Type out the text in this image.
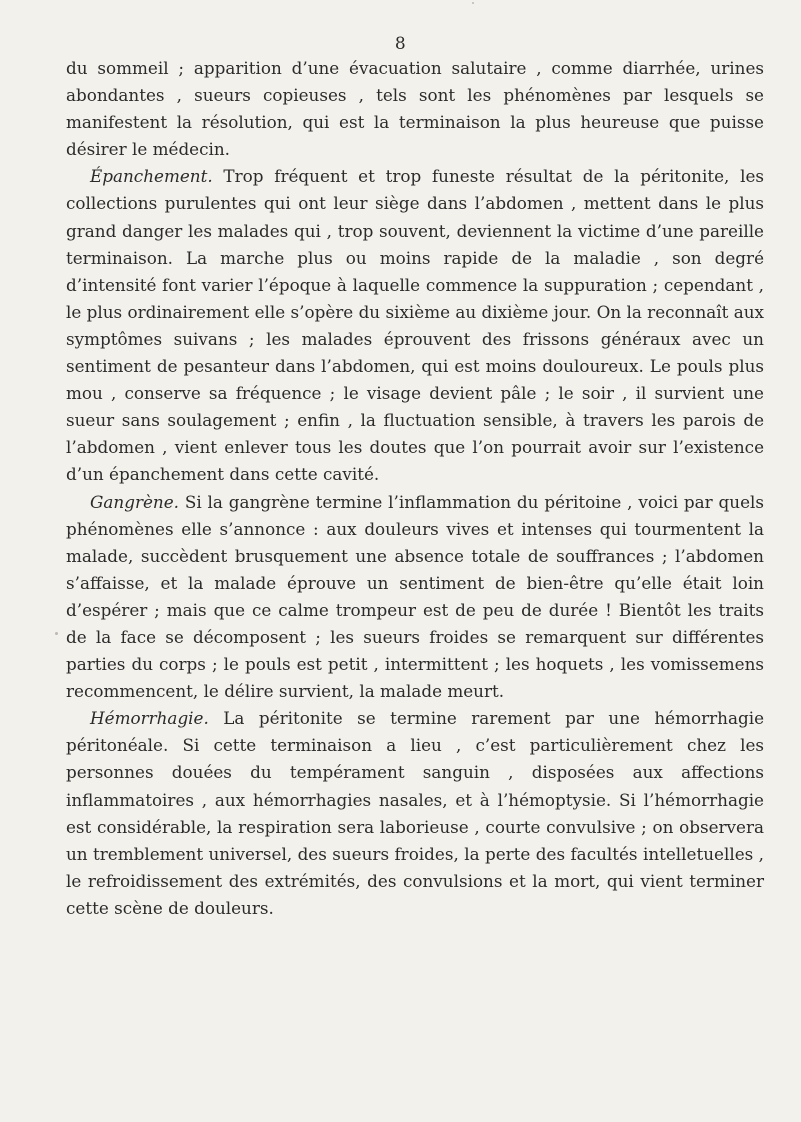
8

du sommeil ; apparition d’une évacuation salutaire , comme diarrhée, urines abondantes , sueurs copieuses , tels sont les phénomènes par lesquels se manifestent la résolution, qui est la terminaison la plus heureuse que puisse désirer le médecin.

Épanchement. Trop fréquent et trop funeste résultat de la péritonite, les collections purulentes qui ont leur siège dans l’abdomen , mettent dans le plus grand danger les malades qui , trop souvent, deviennent la victime d’une pareille terminaison. La marche plus ou moins rapide de la maladie , son degré d’intensité font varier l’époque à laquelle commence la suppuration ; cependant , le plus ordinairement elle s’opère du sixième au dixième jour. On la reconnaît aux symptômes suivans ; les malades éprouvent des frissons généraux avec un sentiment de pesanteur dans l’abdomen, qui est moins douloureux. Le pouls plus mou , conserve sa fréquence ; le visage devient pâle ; le soir , il survient une sueur sans soulagement ; enfin , la fluctuation sensible, à travers les parois de l’abdomen , vient enlever tous les doutes que l’on pourrait avoir sur l’existence d’un épanchement dans cette cavité.

Gangrène. Si la gangrène termine l’inflammation du péritoine , voici par quels phénomènes elle s’annonce : aux douleurs vives et intenses qui tourmentent la malade, succèdent brusquement une absence totale de souffrances ; l’abdomen s’affaisse, et la malade éprouve un sentiment de bien-être qu’elle était loin d’espérer ; mais que ce calme trompeur est de peu de durée ! Bientôt les traits de la face se décomposent ; les sueurs froides se remarquent sur différentes parties du corps ; le pouls est petit , intermittent ; les hoquets , les vomissemens recommencent, le délire survient, la malade meurt.

Hémorrhagie. La péritonite se termine rarement par une hémorrhagie péritonéale. Si cette terminaison a lieu , c’est particulièrement chez les personnes douées du tempérament sanguin , disposées aux affections inflammatoires , aux hémorrhagies nasales, et à l’hémoptysie. Si l’hémorrhagie est considérable, la respiration sera laborieuse , courte convulsive ; on observera un tremblement universel, des sueurs froides, la perte des facultés intelletuelles , le refroidissement des extrémités, des convulsions et la mort, qui vient terminer cette scène de douleurs.
